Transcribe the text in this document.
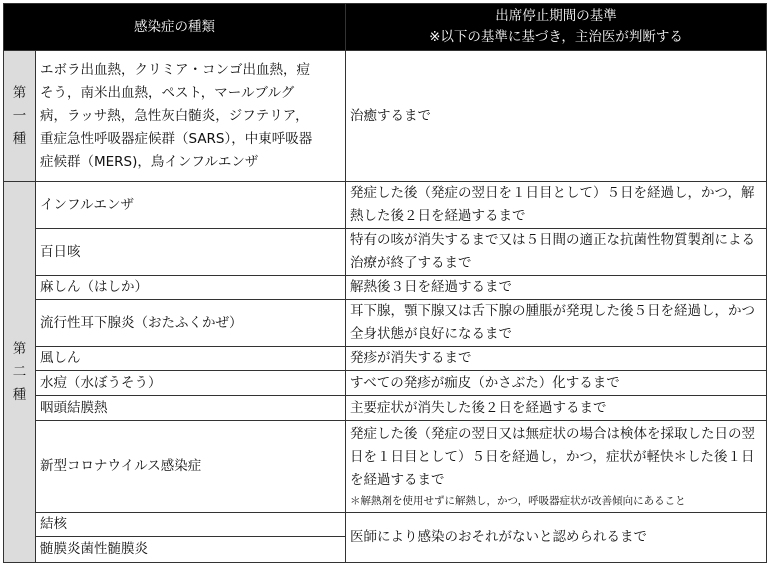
感染症の種類		出席停止期間の基準
※以下の基準に基づき，主治医が判断する

第
一
種	エボラ出血熱，クリミア・コンゴ出血熱，痘
そう，南米出血熱，ペスト，マールブルグ
病，ラッサ熱，急性灰白髄炎，ジフテリア，
重症急性呼吸器症候群（SARS），中東呼吸器
症候群（MERS)，鳥インフルエンザ	治癒するまで

第
二
種	インフルエンザ	発症した後（発症の翌日を１日目として）５日を経過し，かつ，解熱した後２日を経過するまで
	百日咳	特有の咳が消失するまで又は５日間の適正な抗菌性物質製剤による治療が終了するまで
	麻しん（はしか）	解熱後３日を経過するまで
	流行性耳下腺炎（おたふくかぜ）	耳下腺，顎下腺又は舌下腺の腫脹が発現した後５日を経過し，かつ全身状態が良好になるまで
	風しん	発疹が消失するまで
	水痘（水ぼうそう）	すべての発疹が痂皮（かさぶた）化するまで
	咽頭結膜熱	主要症状が消失した後２日を経過するまで
	新型コロナウイルス感染症	発症した後（発症の翌日又は無症状の場合は検体を採取した日の翌日を１日目として）５日を経過し，かつ，症状が軽快＊した後１日を経過するまで
＊解熱剤を使用せずに解熱し，かつ，呼吸器症状が改善傾向にあること

	結核	医師により感染のおそれがないと認められるまで
	髄膜炎菌性髄膜炎	
